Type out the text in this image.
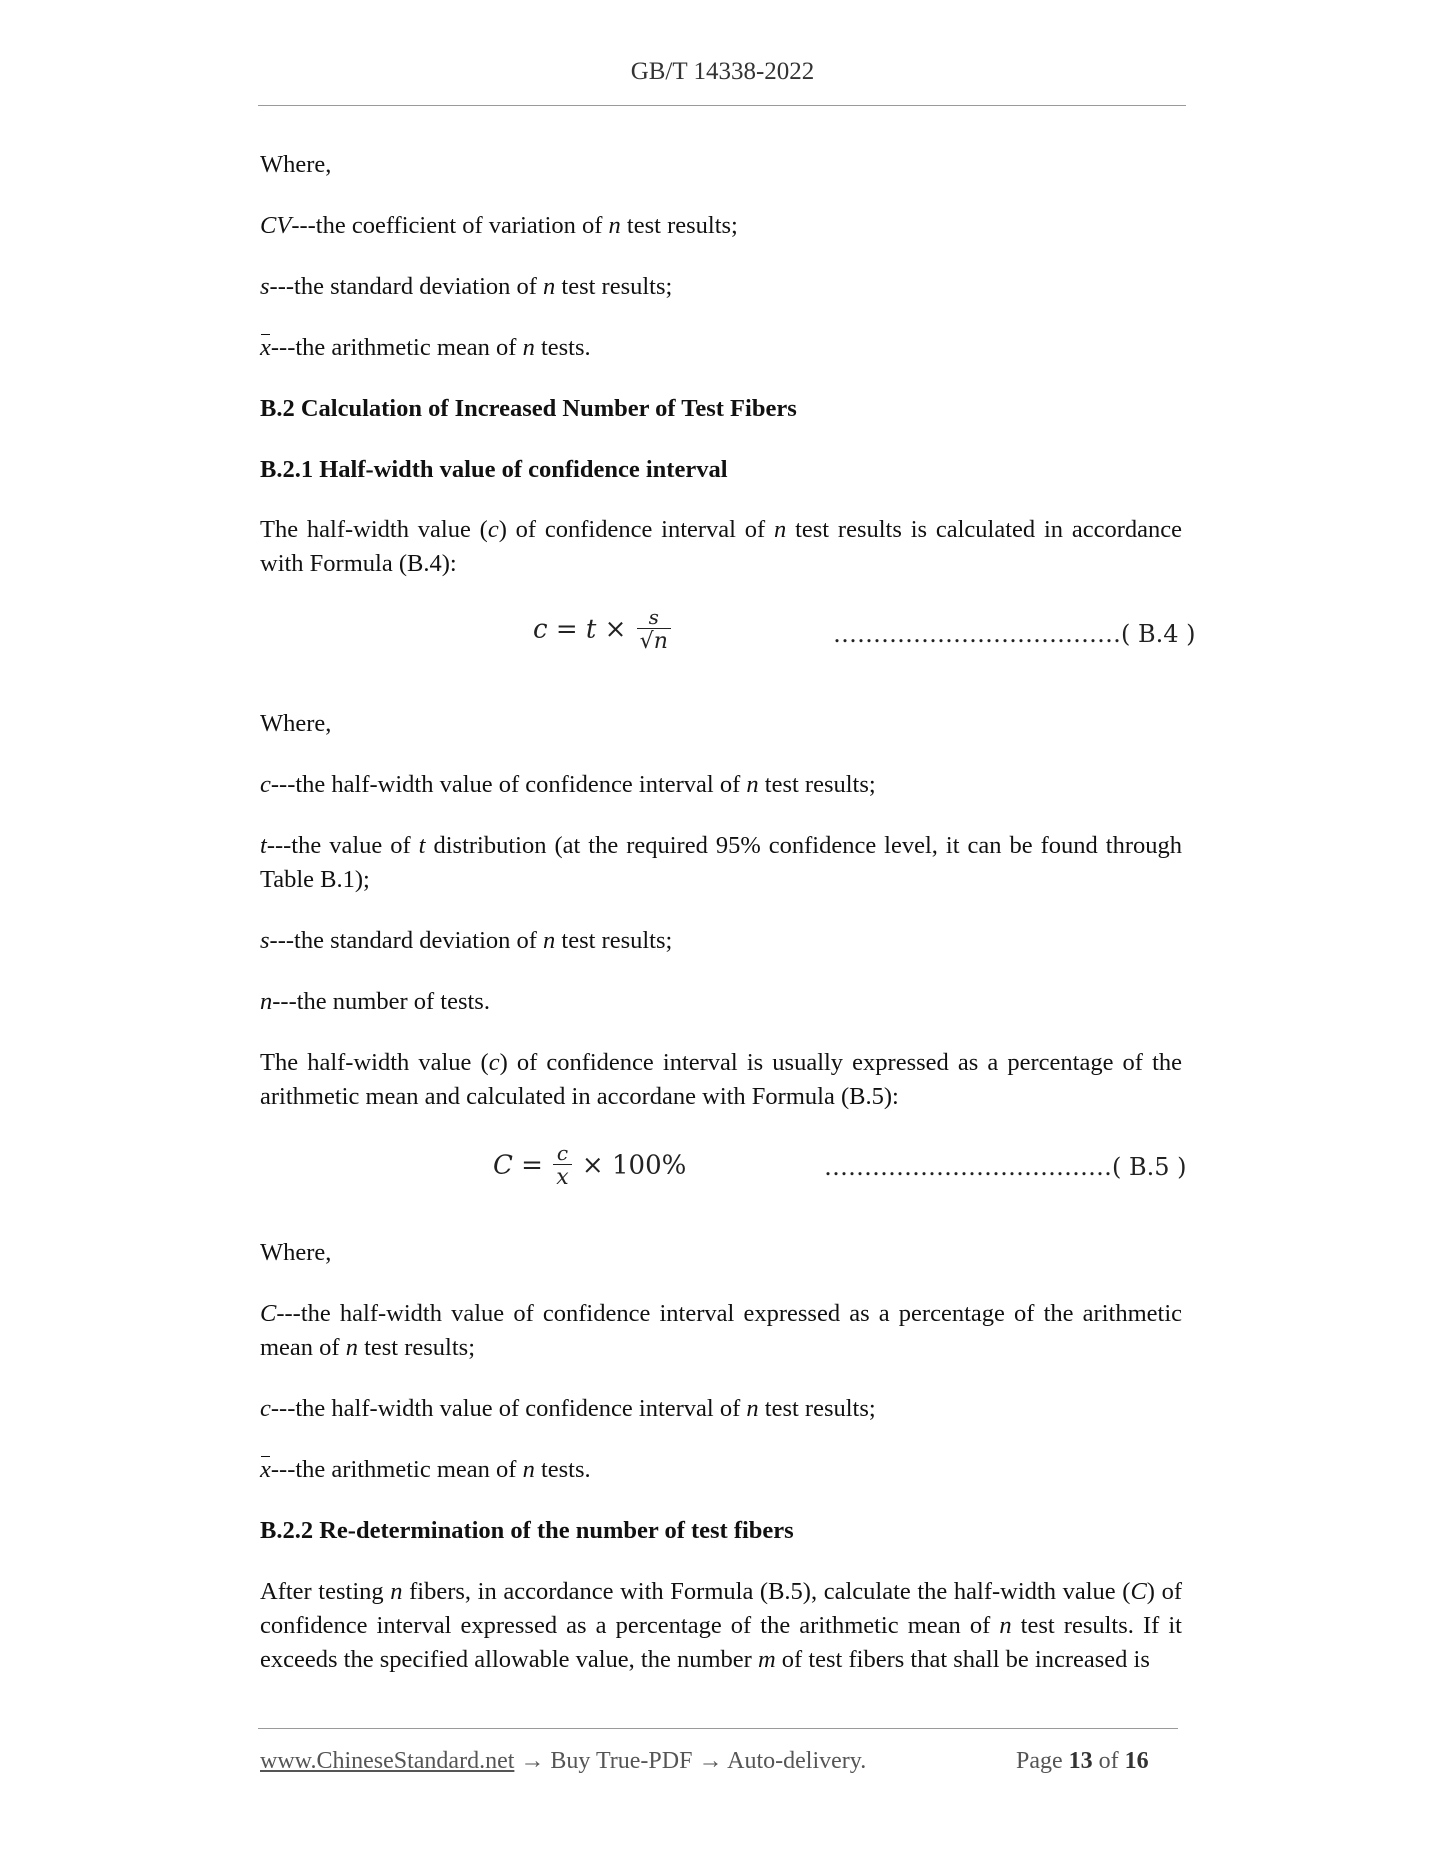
GB/T 14338-2022

Where,

CV---the coefficient of variation of n test results;

s---the standard deviation of n test results;

x---the arithmetic mean of n tests.

B.2 Calculation of Increased Number of Test Fibers

B.2.1 Half-width value of confidence interval

The half-width value (c) of confidence interval of n test results is calculated in accordance with Formula (B.4):

$c = t \times \frac{s}{√n}$	………………………………( B.4 )

Where,

c---the half-width value of confidence interval of n test results;

t---the value of t distribution (at the required 95% confidence level, it can be found through Table B.1);

s---the standard deviation of n test results;

n---the number of tests.

The half-width value (c) of confidence interval is usually expressed as a percentage of the arithmetic mean and calculated in accordane with Formula (B.5):

$C = \frac{c}{x} \times 100\%$	………………………………( B.5 )

Where,

C---the half-width value of confidence interval expressed as a percentage of the arithmetic mean of n test results;

c---the half-width value of confidence interval of n test results;

x---the arithmetic mean of n tests.

B.2.2 Re-determination of the number of test fibers

After testing n fibers, in accordance with Formula (B.5), calculate the half-width value (C) of confidence interval expressed as a percentage of the arithmetic mean of n test results. If it exceeds the specified allowable value, the number m of test fibers that shall be increased is

www.ChineseStandard.net → Buy True-PDF → Auto-delivery.	Page 13 of 16
